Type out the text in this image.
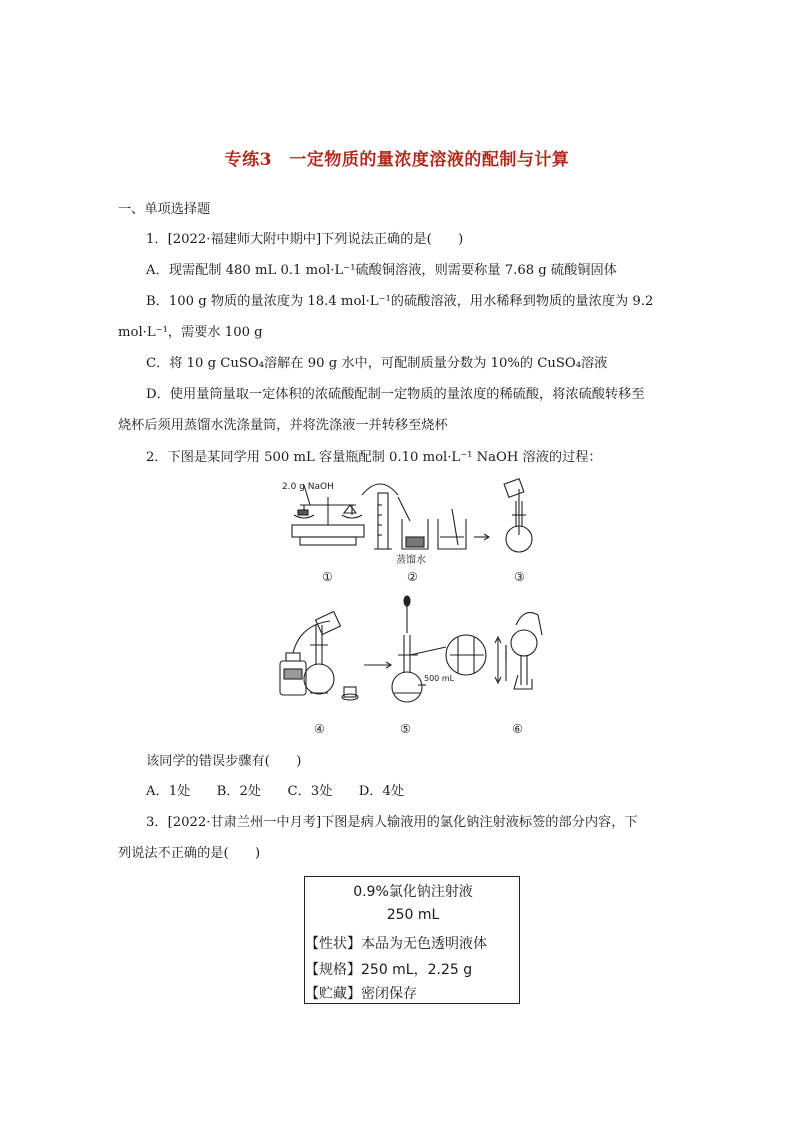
专练3　一定物质的量浓度溶液的配制与计算
一、单项选择题
1．[2022·福建师大附中期中]下列说法正确的是(　　)
A．现需配制 480 mL 0.1 mol·L⁻¹硫酸铜溶液，则需要称量 7.68 g 硫酸铜固体
B．100 g 物质的量浓度为 18.4 mol·L⁻¹的硫酸溶液，用水稀释到物质的量浓度为 9.2
mol·L⁻¹，需要水 100 g
C．将 10 g CuSO₄溶解在 90 g 水中，可配制质量分数为 10%的 CuSO₄溶液
D．使用量筒量取一定体积的浓硫酸配制一定物质的量浓度的稀硫酸，将浓硫酸转移至
烧杯后须用蒸馏水洗涤量筒，并将洗涤液一并转移至烧杯
2．下图是某同学用 500 mL 容量瓶配制 0.10 mol·L⁻¹ NaOH 溶液的过程：
2.0 g NaOH
蒸馏水
500 mL
①	②	③
④	⑤	⑥
该同学的错误步骤有(　　)
A．1处　　B．2处　　C．3处　　D．4处
3．[2022·甘肃兰州一中月考]下图是病人输液用的氯化钠注射液标签的部分内容，下
列说法不正确的是(　　)
0.9%氯化钠注射液
250 mL
【性状】本品为无色透明液体
【规格】250 mL，2.25 g
【贮藏】密闭保存
